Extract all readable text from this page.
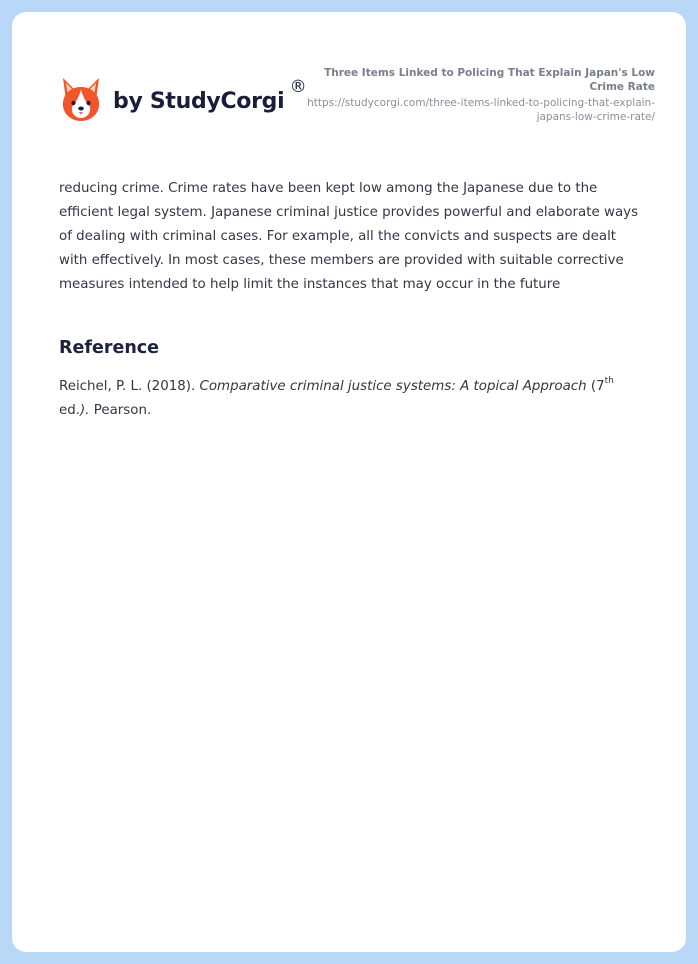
by StudyCorgi
®
Three Items Linked to Policing That Explain Japan's Low Crime Rate
https://studycorgi.com/three-items-linked-to-policing-that-explain-japans-low-crime-rate/
reducing crime. Crime rates have been kept low among the Japanese due to the efficient legal system. Japanese criminal justice provides powerful and elaborate ways of dealing with criminal cases. For example, all the convicts and suspects are dealt with effectively. In most cases, these members are provided with suitable corrective measures intended to help limit the instances that may occur in the future
Reference
Reichel, P. L. (2018). Comparative criminal justice systems: A topical Approach (7th ed.). Pearson.
